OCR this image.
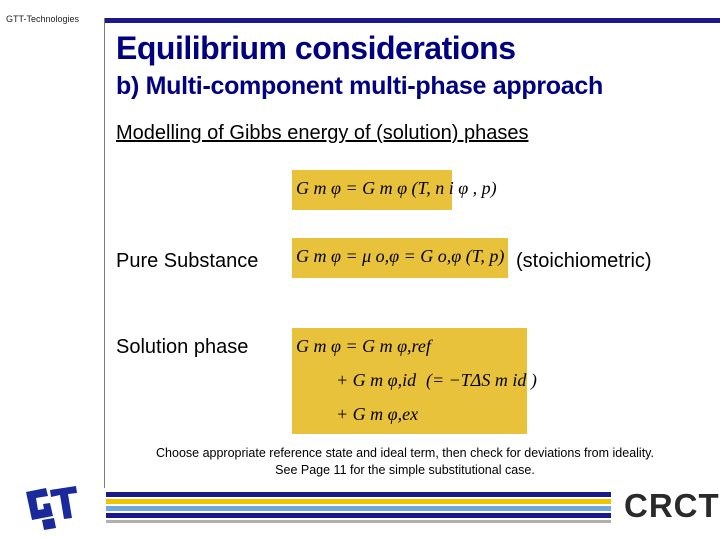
GTT-Technologies
Equilibrium considerations
b) Multi-component multi-phase approach
Modelling of Gibbs energy of (solution) phases
G m φ = G m φ (T, n i φ , p)
Pure Substance G m φ = μ o,φ = G o,φ (T, p) (stoichiometric)
Solution phase	G m φ = G m φ,ref
+ G m φ,id (= −TΔS m id )
+ G m φ,ex
Choose appropriate reference state and ideal term, then check for deviations from ideality.
See Page 11 for the simple substitutional case.
CRCT
